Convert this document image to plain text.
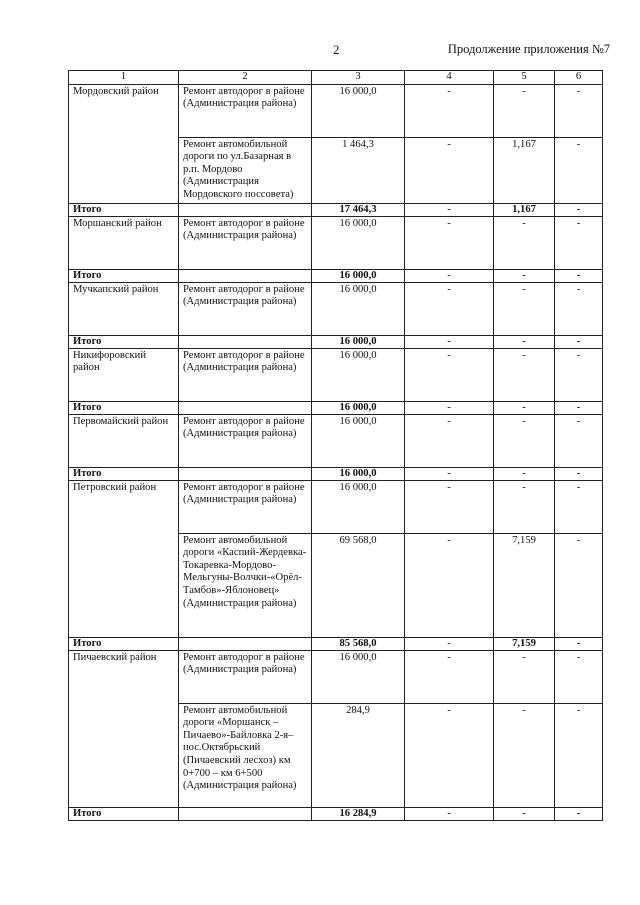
2	Продолжение приложения №7
1	2	3	4	5	6
Мордовский район	Ремонт автодорог в районе (Администрация района)	16 000,0	-	-	-
	Ремонт автомобильной дороги по ул.Базарная в р.п. Мордово (Администрация Мордовского поссовета)	1 464,3	-	1,167	-
Итого		17 464,3	-	1,167	-
Моршанский район	Ремонт автодорог в районе (Администрация района)	16 000,0	-	-	-
Итого		16 000,0	-	-	-
Мучкапский район	Ремонт автодорог в районе (Администрация района)	16 000,0	-	-	-
Итого		16 000,0	-	-	-
Никифоровский район	Ремонт автодорог в районе (Администрация района)	16 000,0	-	-	-
Итого		16 000,0	-	-	-
Первомайский район	Ремонт автодорог в районе (Администрация района)	16 000,0	-	-	-
Итого		16 000,0	-	-	-
Петровский район	Ремонт автодорог в районе (Администрация района)	16 000,0	-	-	-
	Ремонт автомобильной дороги «Каспий-Жердевка-Токаревка-Мордово-Мельгуны-Волчки-«Орёл-Тамбов»-Яблоновец» (Администрация района)	69 568,0	-	7,159	-
Итого		85 568,0	-	7,159	-
Пичаевский район	Ремонт автодорог в районе (Администрация района)	16 000,0	-	-	-
	Ремонт автомобильной дороги «Моршанск – Пичаево»-Байловка 2-я–пос.Октябрьский (Пичаевский лесхоз) км 0+700 – км 6+500 (Администрация района)	284,9	-	-	-
Итого		16 284,9	-	-	-
